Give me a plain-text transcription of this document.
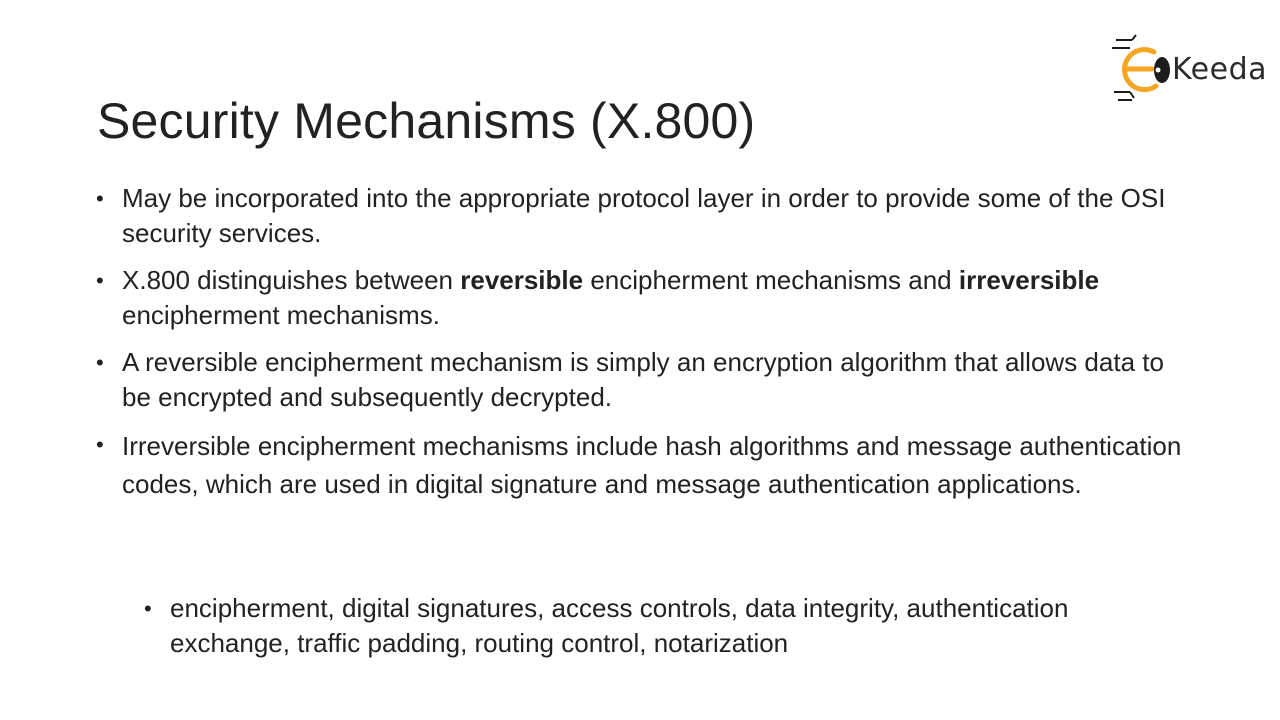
Keeda
Security Mechanisms (X.800)
• May be incorporated into the appropriate protocol layer in order to provide some of the OSI security services.
• X.800 distinguishes between reversible encipherment mechanisms and irreversible encipherment mechanisms.
• A reversible encipherment mechanism is simply an encryption algorithm that allows data to be encrypted and subsequently decrypted.
• Irreversible encipherment mechanisms include hash algorithms and message authentication codes, which are used in digital signature and message authentication applications.
• encipherment, digital signatures, access controls, data integrity, authentication exchange, traffic padding, routing control, notarization
